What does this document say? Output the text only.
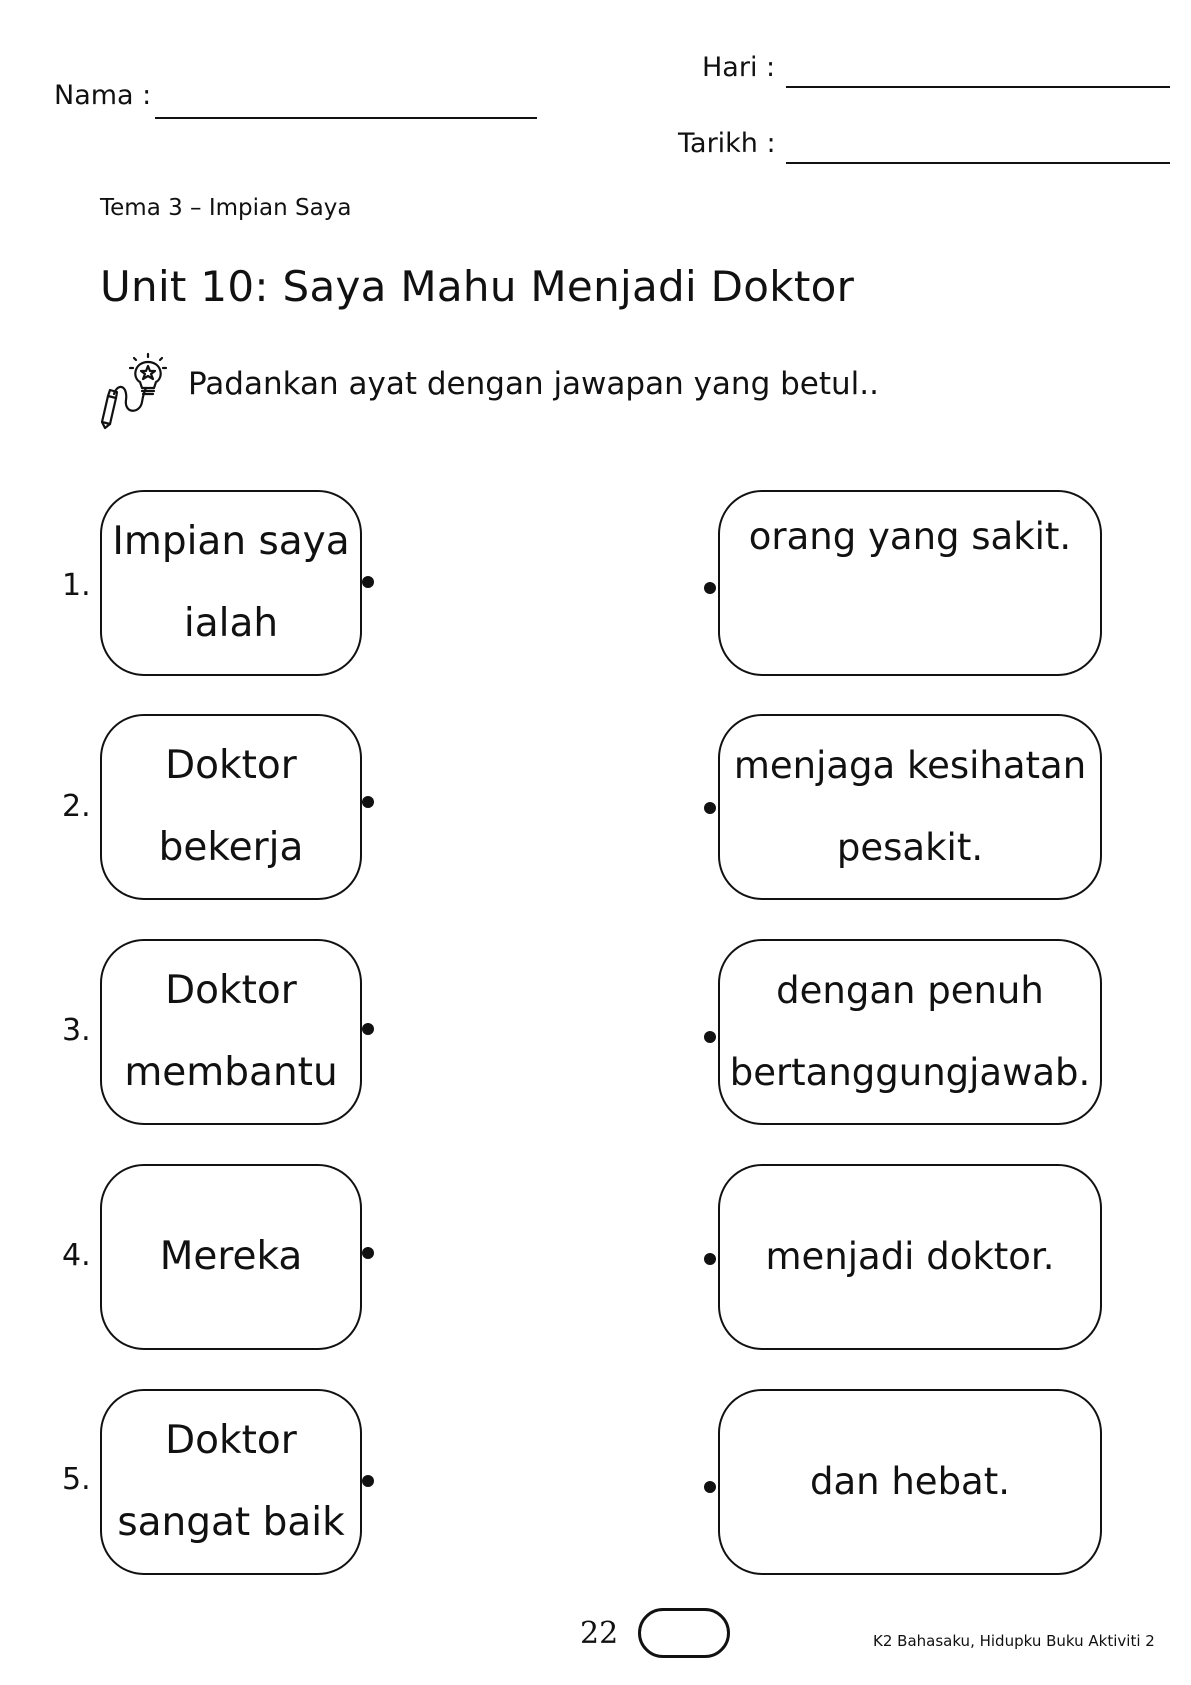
Nama :
Hari :
Tarikh :
Tema 3 – Impian Saya
Unit 10: Saya Mahu Menjadi Doktor
Padankan ayat dengan jawapan yang betul..
1.
2.
3.
4.
5.
Impian saya
ialah
Doktor
bekerja
Doktor
membantu
Mereka
Doktor
sangat baik
orang yang sakit.
menjaga kesihatan
pesakit.
dengan penuh
bertanggungjawab.
menjadi doktor.
dan hebat.
22	K2 Bahasaku, Hidupku Buku Aktiviti 2
